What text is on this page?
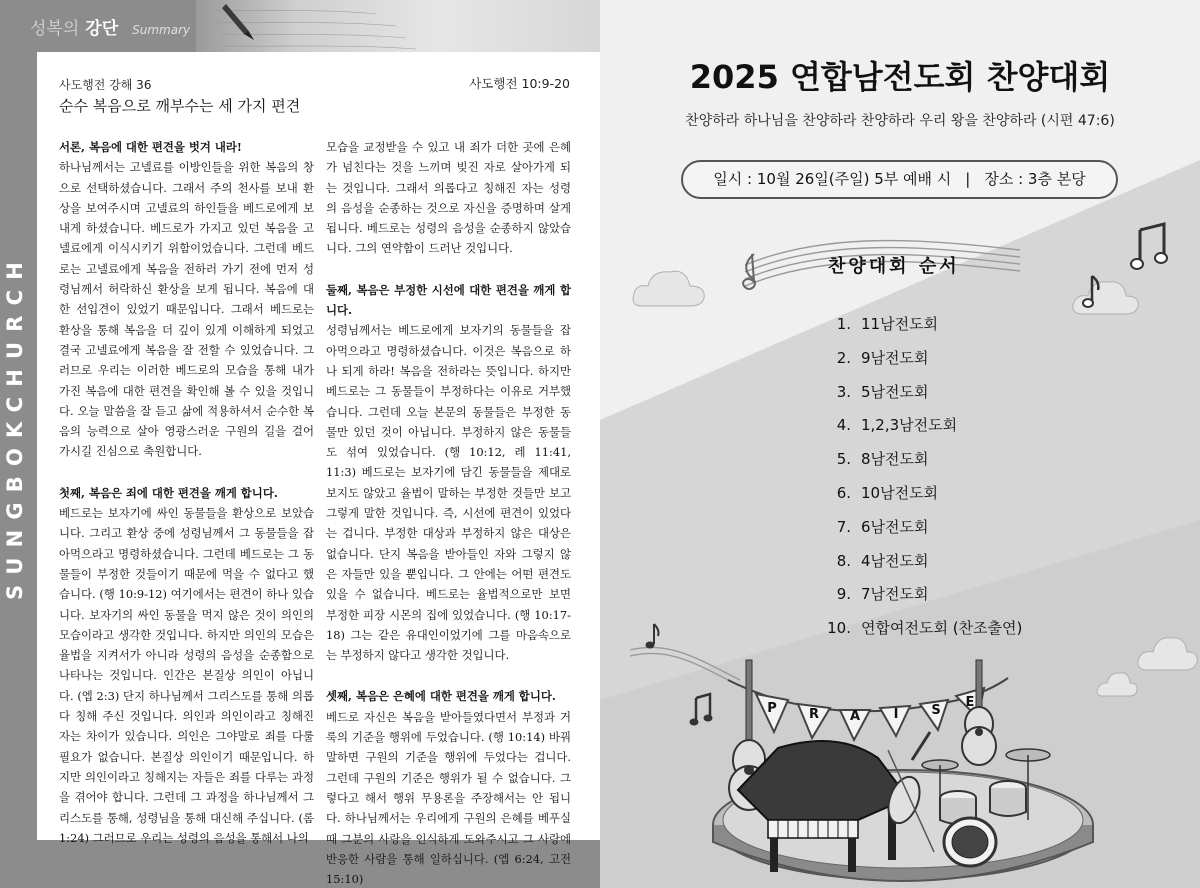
성복의 강단 Summary
SUNGBOKCHURCH
사도행전 강해 36	사도행전 10:9-20
순수 복음으로 깨부수는 세 가지 편견
서론, 복음에 대한 편견을 벗겨 내라!

하나님께서는 고넬료를 이방인들을 위한 복음의 창으로 선택하셨습니다. 그래서 주의 천사를 보내 환상을 보여주시며 고넬료의 하인들을 베드로에게 보내게 하셨습니다. 베드로가 가지고 있던 복음을 고넬료에게 이식시키기 위함이었습니다. 그런데 베드로는 고넬료에게 복음을 전하러 가기 전에 먼저 성령님께서 허락하신 환상을 보게 됩니다. 복음에 대한 선입견이 있었기 때문입니다. 그래서 베드로는 환상을 통해 복음을 더 깊이 있게 이해하게 되었고 결국 고넬료에게 복음을 잘 전할 수 있었습니다. 그러므로 우리는 이러한 베드로의 모습을 통해 내가 가진 복음에 대한 편견을 확인해 볼 수 있을 것입니다. 오늘 말씀을 잘 듣고 삶에 적용하셔서 순수한 복음의 능력으로 살아 영광스러운 구원의 길을 걸어 가시길 진심으로 축원합니다.

첫째, 복음은 죄에 대한 편견을 깨게 합니다.

베드로는 보자기에 싸인 동물들을 환상으로 보았습니다. 그리고 환상 중에 성령님께서 그 동물들을 잡아먹으라고 명령하셨습니다. 그런데 베드로는 그 동물들이 부정한 것들이기 때문에 먹을 수 없다고 했습니다. (행 10:9-12) 여기에서는 편견이 하나 있습니다. 보자기의 싸인 동물을 먹지 않은 것이 의인의 모습이라고 생각한 것입니다. 하지만 의인의 모습은 율법을 지켜서가 아니라 성령의 음성을 순종함으로 나타나는 것입니다. 인간은 본질상 의인이 아닙니다. (엡 2:3) 단지 하나님께서 그리스도를 통해 의롭다 칭해 주신 것입니다. 의인과 의인이라고 칭해진 자는 차이가 있습니다. 의인은 그야말로 죄를 다룰 필요가 없습니다. 본질상 의인이기 때문입니다. 하지만 의인이라고 칭해지는 자들은 죄를 다루는 과정을 겪어야 합니다. 그런데 그 과정을 하나님께서 그리스도를 통해, 성령님을 통해 대신해 주십니다. (롬 1:24) 그러므로 우리는 성령의 음성을 통해서 나의

모습을 교정받을 수 있고 내 죄가 더한 곳에 은혜가 넘친다는 것을 느끼며 빚진 자로 살아가게 되는 것입니다. 그래서 의롭다고 칭해진 자는 성령의 음성을 순종하는 것으로 자신을 증명하며 살게 됩니다. 베드로는 성령의 음성을 순종하지 않았습니다. 그의 연약함이 드러난 것입니다.

둘째, 복음은 부정한 시선에 대한 편견을 깨게 합니다.

성령님께서는 베드로에게 보자기의 동물들을 잡아먹으라고 명령하셨습니다. 이것은 복음으로 하나 되게 하라! 복음을 전하라는 뜻입니다. 하지만 베드로는 그 동물들이 부정하다는 이유로 거부했습니다. 그런데 오늘 본문의 동물들은 부정한 동물만 있던 것이 아닙니다. 부정하지 않은 동물들도 섞여 있었습니다. (행 10:12, 레 11:41, 11:3) 베드로는 보자기에 담긴 동물들을 제대로 보지도 않았고 율법이 말하는 부정한 것들만 보고 그렇게 말한 것입니다. 즉, 시선에 편견이 있었다는 겁니다. 부정한 대상과 부정하지 않은 대상은 없습니다. 단지 복음을 받아들인 자와 그렇지 않은 자들만 있을 뿐입니다. 그 안에는 어떤 편견도 있을 수 없습니다. 베드로는 율법적으로만 보면 부정한 피장 시몬의 집에 있었습니다. (행 10:17-18) 그는 같은 유대인이었기에 그를 마음속으로는 부정하지 않다고 생각한 것입니다.

셋째, 복음은 은혜에 대한 편견을 깨게 합니다.

베드로 자신은 복음을 받아들였다면서 부정과 거룩의 기준을 행위에 두었습니다. (행 10:14) 바꿔말하면 구원의 기준을 행위에 두었다는 겁니다. 그런데 구원의 기준은 행위가 될 수 없습니다. 그렇다고 해서 행위 무용론을 주장해서는 안 됩니다. 하나님께서는 우리에게 구원의 은혜를 베푸실 때 그분의 사랑을 인식하게 도와주시고 그 사랑에 반응한 사람을 통해 일하십니다. (엡 6:24, 고전 15:10)

2025 연합남전도회 찬양대회
찬양하라 하나님을 찬양하라 찬양하라 우리 왕을 찬양하라 (시편 47:6)
일시 : 10월 26일(주일) 5부 예배 시 | 장소 : 3층 본당
찬양대회 순서
1. 11남전도회
2. 9남전도회
3. 5남전도회
4. 1,2,3남전도회
5. 8남전도회
6. 10남전도회
7. 6남전도회
8. 4남전도회
9. 7남전도회
10. 연합여전도회 (찬조출연)
P R A	I	S
E
